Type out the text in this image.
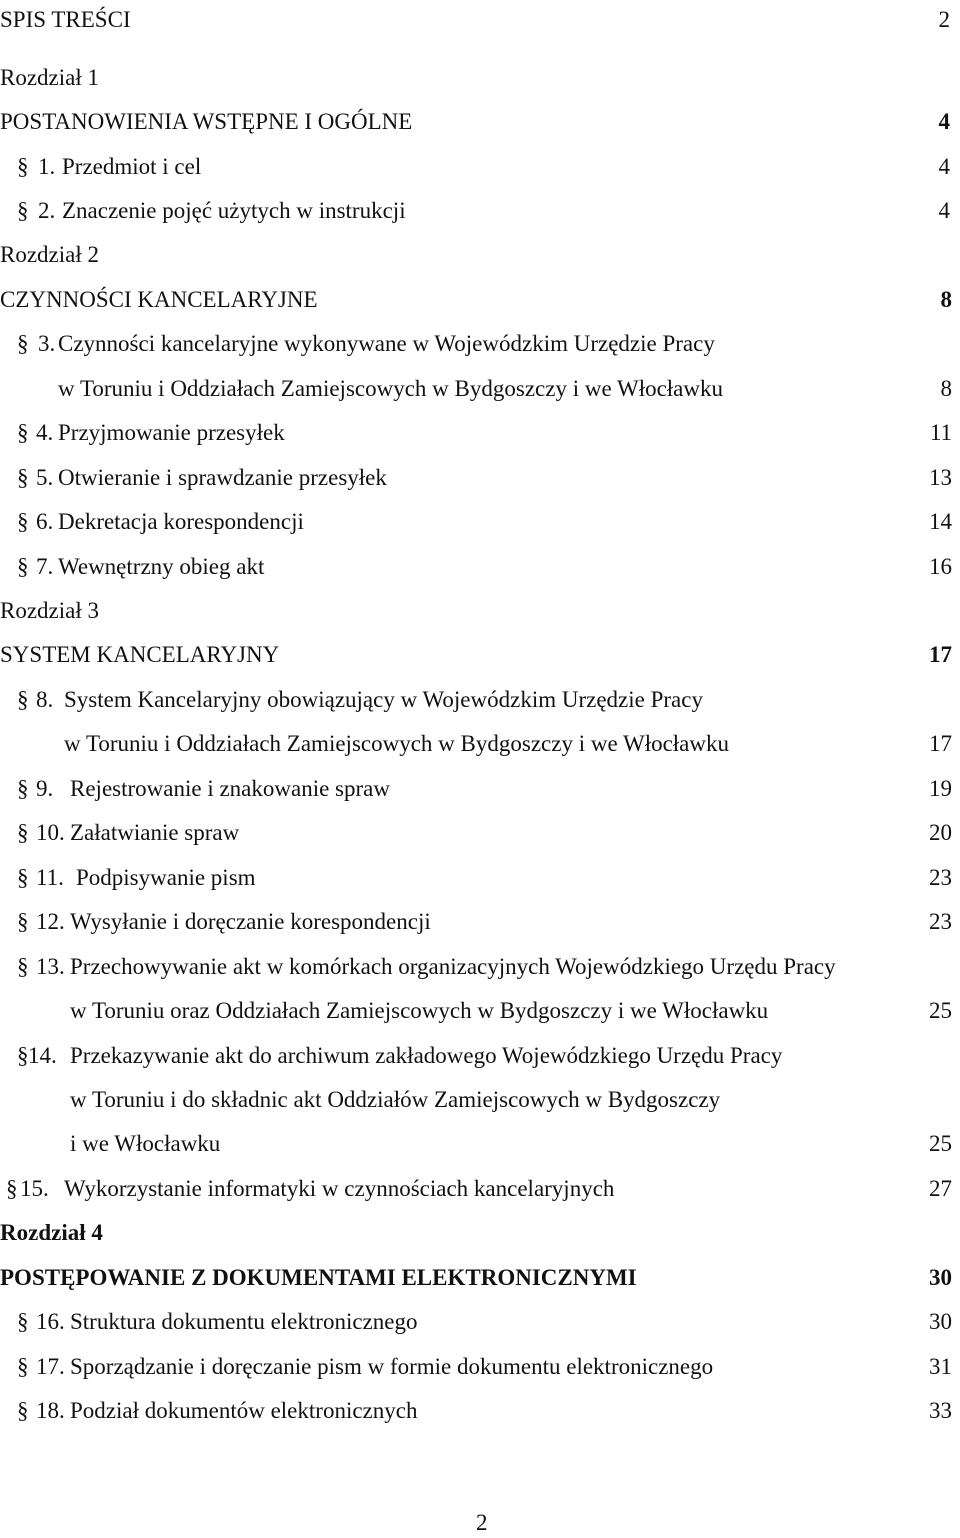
SPIS TREŚCI	2
Rozdział 1
POSTANOWIENIA WSTĘPNE I OGÓLNE	4
§ 1. Przedmiot i cel	4
§ 2. Znaczenie pojęć użytych w instrukcji	4
Rozdział 2
CZYNNOŚCI KANCELARYJNE	8
§ 3. Czynności kancelaryjne wykonywane w Wojewódzkim Urzędzie Pracy
w Toruniu i Oddziałach Zamiejscowych w Bydgoszczy i we Włocławku	8
§ 4. Przyjmowanie przesyłek	11
§ 5. Otwieranie i sprawdzanie przesyłek	13
§ 6. Dekretacja korespondencji	14
§ 7. Wewnętrzny obieg akt	16
Rozdział 3
SYSTEM KANCELARYJNY	17
§ 8. System Kancelaryjny obowiązujący w Wojewódzkim Urzędzie Pracy
w Toruniu i Oddziałach Zamiejscowych w Bydgoszczy i we Włocławku	17
§ 9. Rejestrowanie i znakowanie spraw	19
§ 10. Załatwianie spraw	20
§ 11. Podpisywanie pism	23
§ 12. Wysyłanie i doręczanie korespondencji	23
§ 13. Przechowywanie akt w komórkach organizacyjnych Wojewódzkiego Urzędu Pracy
w Toruniu oraz Oddziałach Zamiejscowych w Bydgoszczy i we Włocławku	25
§ 14. Przekazywanie akt do archiwum zakładowego Wojewódzkiego Urzędu Pracy
w Toruniu i do składnic akt Oddziałów Zamiejscowych w Bydgoszczy
i we Włocławku	25
§ 15. Wykorzystanie informatyki w czynnościach kancelaryjnych	27
Rozdział 4
POSTĘPOWANIE Z DOKUMENTAMI ELEKTRONICZNYMI	30
§ 16. Struktura dokumentu elektronicznego	30
§ 17. Sporządzanie i doręczanie pism w formie dokumentu elektronicznego	31
§ 18. Podział dokumentów elektronicznych	33
2
